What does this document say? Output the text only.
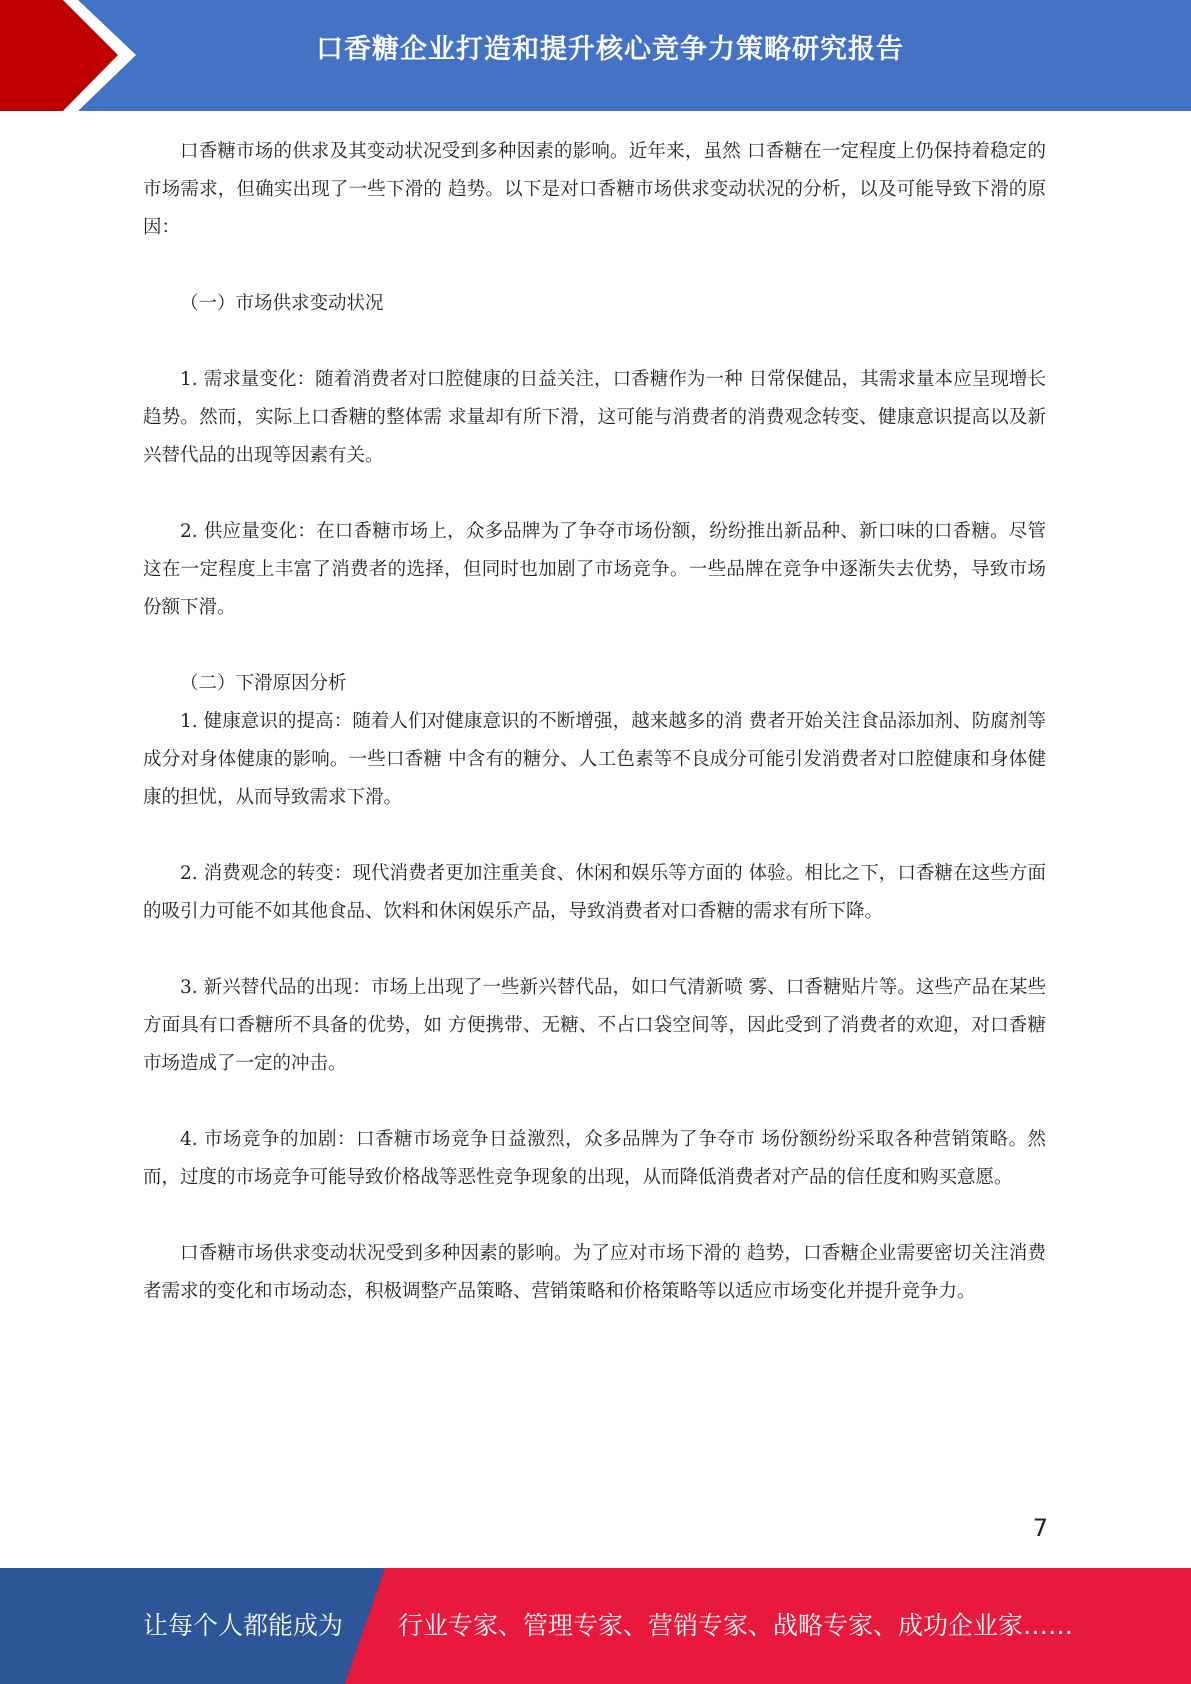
口香糖企业打造和提升核心竞争力策略研究报告

口香糖市场的供求及其变动状况受到多种因素的影响。近年来，虽然 口香糖在一定程度上仍保持着稳定的市场需求，但确实出现了一些下滑的 趋势。以下是对口香糖市场供求变动状况的分析，以及可能导致下滑的原因：

（一）市场供求变动状况

1. 需求量变化：随着消费者对口腔健康的日益关注，口香糖作为一种 日常保健品，其需求量本应呈现增长趋势。然而，实际上口香糖的整体需 求量却有所下滑，这可能与消费者的消费观念转变、健康意识提高以及新兴替代品的出现等因素有关。

2. 供应量变化：在口香糖市场上，众多品牌为了争夺市场份额，纷纷推出新品种、新口味的口香糖。尽管这在一定程度上丰富了消费者的选择，但同时也加剧了市场竞争。一些品牌在竞争中逐渐失去优势，导致市场份额下滑。

（二）下滑原因分析

1. 健康意识的提高：随着人们对健康意识的不断增强，越来越多的消 费者开始关注食品添加剂、防腐剂等成分对身体健康的影响。一些口香糖 中含有的糖分、人工色素等不良成分可能引发消费者对口腔健康和身体健康的担忧，从而导致需求下滑。

2. 消费观念的转变：现代消费者更加注重美食、休闲和娱乐等方面的 体验。相比之下，口香糖在这些方面的吸引力可能不如其他食品、饮料和休闲娱乐产品，导致消费者对口香糖的需求有所下降。

3. 新兴替代品的出现：市场上出现了一些新兴替代品，如口气清新喷 雾、口香糖贴片等。这些产品在某些方面具有口香糖所不具备的优势，如 方便携带、无糖、不占口袋空间等，因此受到了消费者的欢迎，对口香糖市场造成了一定的冲击。

4. 市场竞争的加剧：口香糖市场竞争日益激烈，众多品牌为了争夺市 场份额纷纷采取各种营销策略。然而，过度的市场竞争可能导致价格战等恶性竞争现象的出现，从而降低消费者对产品的信任度和购买意愿。

口香糖市场供求变动状况受到多种因素的影响。为了应对市场下滑的 趋势，口香糖企业需要密切关注消费者需求的变化和市场动态，积极调整产品策略、营销策略和价格策略等以适应市场变化并提升竞争力。

7
让每个人都能成为 行业专家、管理专家、营销专家、战略专家、成功企业家……
